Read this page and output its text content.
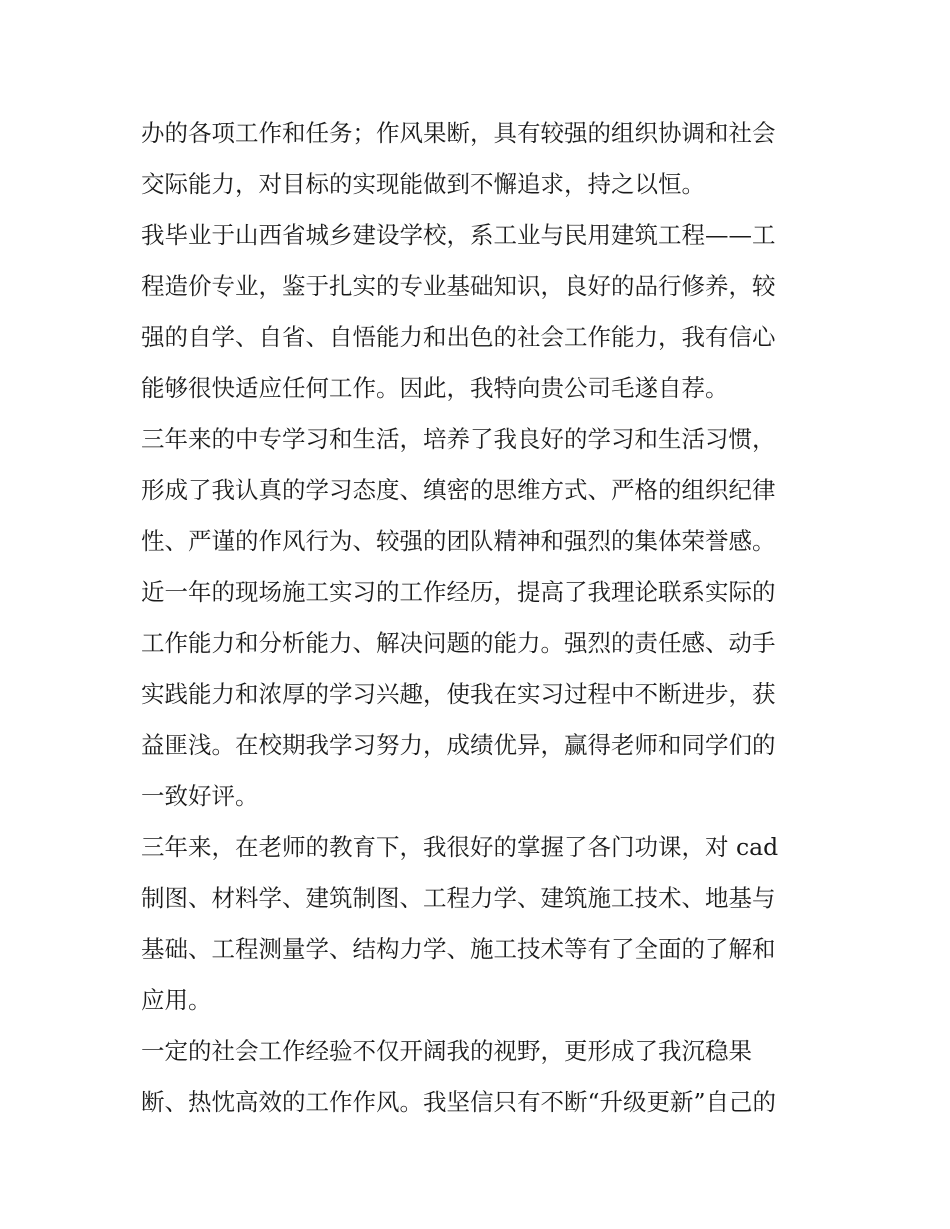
办的各项工作和任务；作风果断，具有较强的组织协调和社会
交际能力，对目标的实现能做到不懈追求，持之以恒。
我毕业于山西省城乡建设学校，系工业与民用建筑工程——工
程造价专业，鉴于扎实的专业基础知识，良好的品行修养，较
强的自学、自省、自悟能力和出色的社会工作能力，我有信心
能够很快适应任何工作。因此，我特向贵公司毛遂自荐。
三年来的中专学习和生活，培养了我良好的学习和生活习惯，
形成了我认真的学习态度、缜密的思维方式、严格的组织纪律
性、严谨的作风行为、较强的团队精神和强烈的集体荣誉感。
近一年的现场施工实习的工作经历，提高了我理论联系实际的
工作能力和分析能力、解决问题的能力。强烈的责任感、动手
实践能力和浓厚的学习兴趣，使我在实习过程中不断进步，获
益匪浅。在校期我学习努力，成绩优异，赢得老师和同学们的
一致好评。
三年来，在老师的教育下，我很好的掌握了各门功课，对 cad
制图、材料学、建筑制图、工程力学、建筑施工技术、地基与
基础、工程测量学、结构力学、施工技术等有了全面的了解和
应用。
一定的社会工作经验不仅开阔我的视野，更形成了我沉稳果
断、热忱高效的工作作风。我坚信只有不断“升级更新”自己的
